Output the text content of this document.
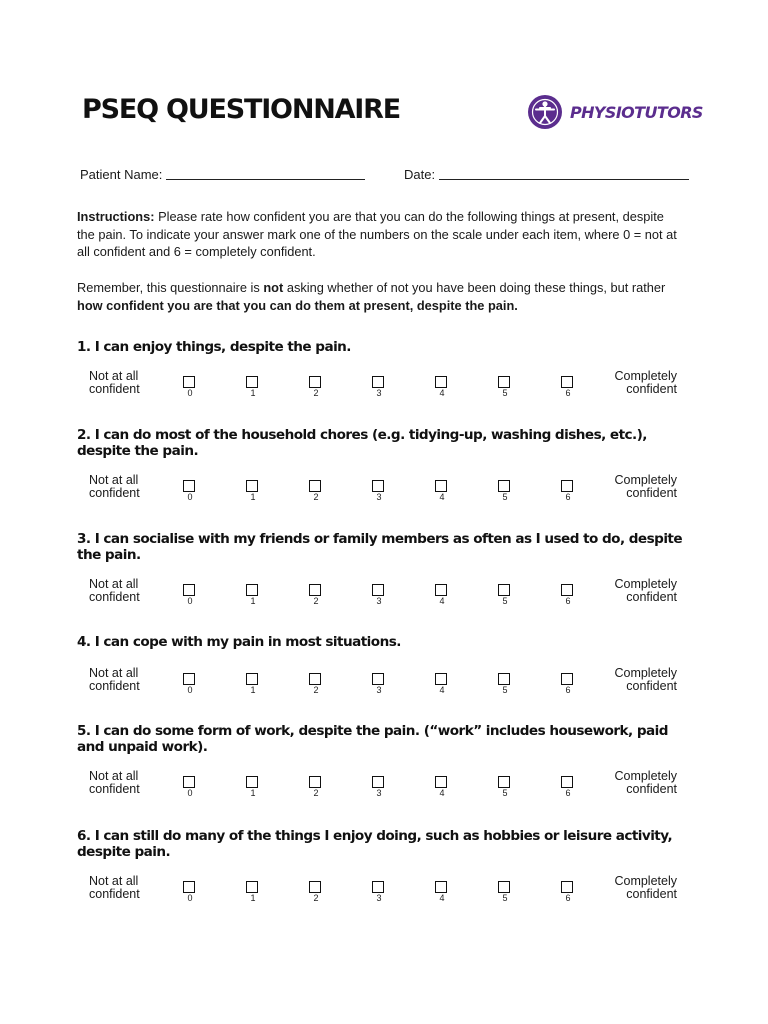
PSEQ QUESTIONNAIRE	PHYSIOTUTORS
Patient Name:	Date:
Instructions: Please rate how confident you are that you can do the following things at present, despite the pain. To indicate your answer mark one of the numbers on the scale under each item, where 0 = not at all confident and 6 = completely confident.
Remember, this questionnaire is not asking whether of not you have been doing these things, but rather how confident you are that you can do them at present, despite the pain.
1. I can enjoy things, despite the pain.
Not at all
confident	0	1	2	3	4	5	6
Completely
confident
2. I can do most of the household chores (e.g. tidying-up, washing dishes, etc.), despite the pain.
Not at all
confident	0	1	2	3	4	5	6
Completely
confident
3. I can socialise with my friends or family members as often as I used to do, despite the pain.
Not at all
confident	0	1	2	3	4	5	6
Completely
confident
4. I can cope with my pain in most situations.
Not at all
confident	0	1	2	3	4	5	6
Completely
confident
5. I can do some form of work, despite the pain. (“work” includes housework, paid and unpaid work).
Not at all
confident	0	1	2	3	4	5	6
Completely
confident
6. I can still do many of the things I enjoy doing, such as hobbies or leisure activity, despite pain.
Not at all
confident	0	1	2	3	4	5	6
Completely
confident
